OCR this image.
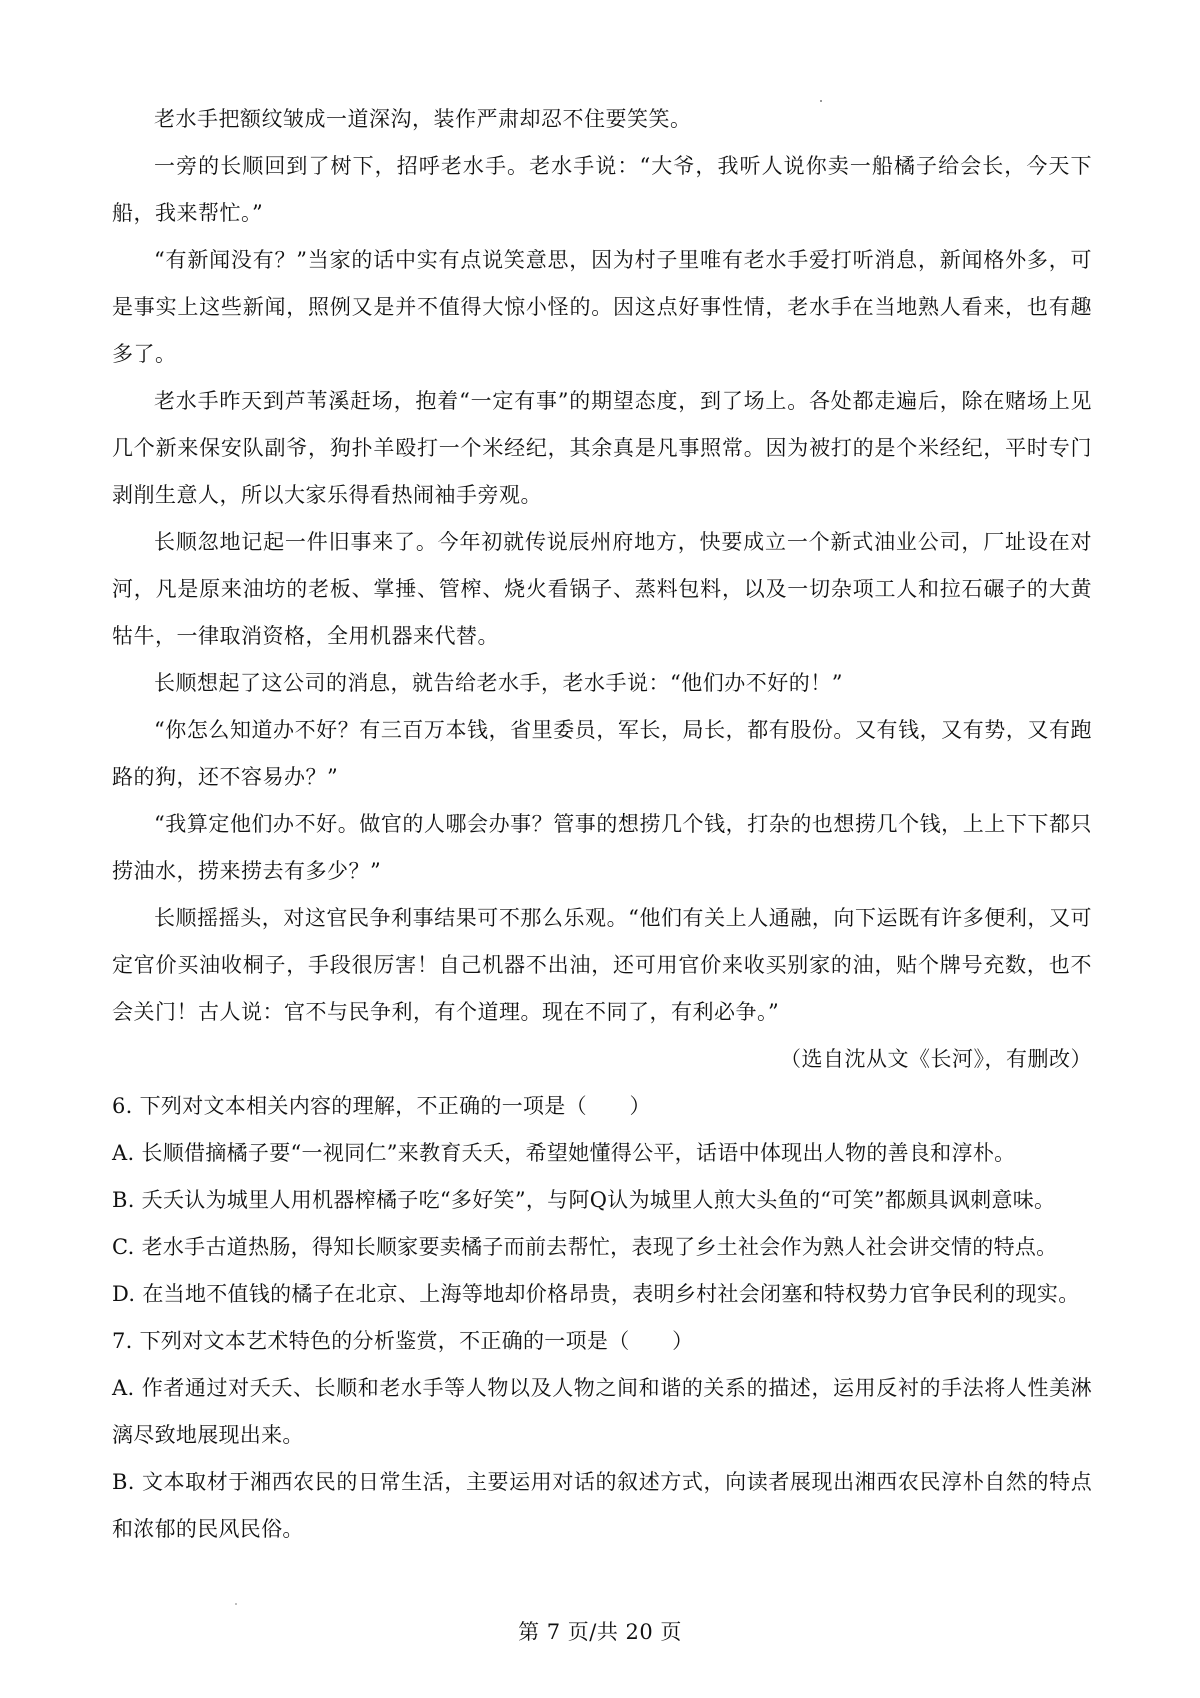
老水手把额纹皱成一道深沟，装作严肃却忍不住要笑笑。

一旁的长顺回到了树下，招呼老水手。老水手说：“大爷，我听人说你卖一船橘子给会长，今天下船，我来帮忙。”

“有新闻没有？”当家的话中实有点说笑意思，因为村子里唯有老水手爱打听消息，新闻格外多，可是事实上这些新闻，照例又是并不值得大惊小怪的。因这点好事性情，老水手在当地熟人看来，也有趣多了。

老水手昨天到芦苇溪赶场，抱着“一定有事”的期望态度，到了场上。各处都走遍后，除在赌场上见几个新来保安队副爷，狗扑羊殴打一个米经纪，其余真是凡事照常。因为被打的是个米经纪，平时专门剥削生意人，所以大家乐得看热闹袖手旁观。

长顺忽地记起一件旧事来了。今年初就传说辰州府地方，快要成立一个新式油业公司，厂址设在对河，凡是原来油坊的老板、掌捶、管榨、烧火看锅子、蒸料包料，以及一切杂项工人和拉石碾子的大黄牯牛，一律取消资格，全用机器来代替。

长顺想起了这公司的消息，就告给老水手，老水手说：“他们办不好的！”

“你怎么知道办不好？有三百万本钱，省里委员，军长，局长，都有股份。又有钱，又有势，又有跑路的狗，还不容易办？”

“我算定他们办不好。做官的人哪会办事？管事的想捞几个钱，打杂的也想捞几个钱，上上下下都只捞油水，捞来捞去有多少？”

长顺摇摇头，对这官民争利事结果可不那么乐观。“他们有关上人通融，向下运既有许多便利，又可定官价买油收桐子，手段很厉害！自己机器不出油，还可用官价来收买别家的油，贴个牌号充数，也不会关门！古人说：官不与民争利，有个道理。现在不同了，有利必争。”

（选自沈从文《长河》，有删改）

6. 下列对文本相关内容的理解，不正确的一项是（　　）

A. 长顺借摘橘子要“一视同仁”来教育夭夭，希望她懂得公平，话语中体现出人物的善良和淳朴。

B. 夭夭认为城里人用机器榨橘子吃“多好笑”，与阿Q认为城里人煎大头鱼的“可笑”都颇具讽刺意味。

C. 老水手古道热肠，得知长顺家要卖橘子而前去帮忙，表现了乡土社会作为熟人社会讲交情的特点。

D. 在当地不值钱的橘子在北京、上海等地却价格昂贵，表明乡村社会闭塞和特权势力官争民利的现实。

7. 下列对文本艺术特色的分析鉴赏，不正确的一项是（　　）

A. 作者通过对夭夭、长顺和老水手等人物以及人物之间和谐的关系的描述，运用反衬的手法将人性美淋漓尽致地展现出来。

B. 文本取材于湘西农民的日常生活，主要运用对话的叙述方式，向读者展现出湘西农民淳朴自然的特点和浓郁的民风民俗。

第 7 页/共 20 页
